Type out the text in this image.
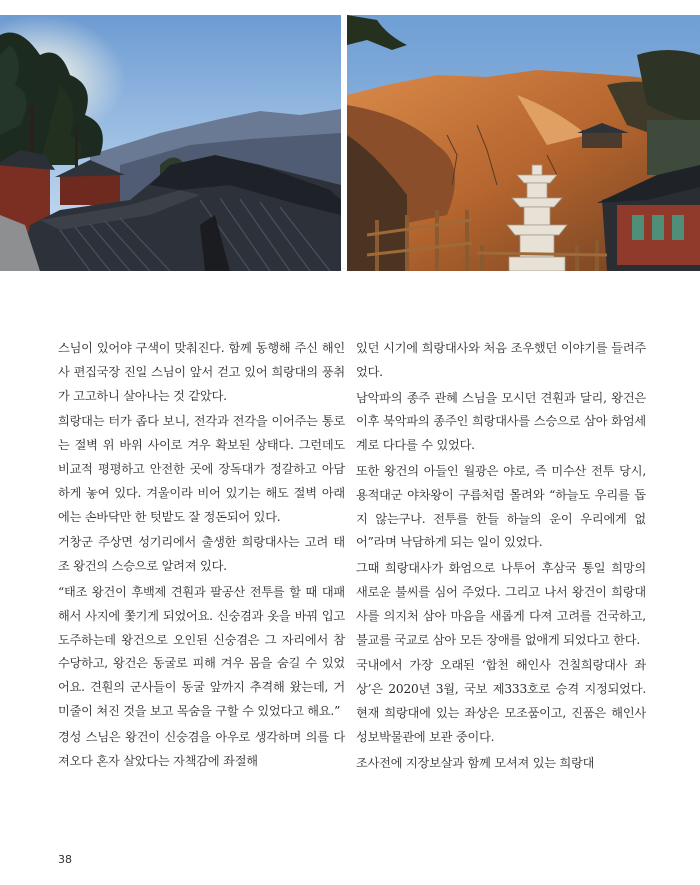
스님이 있어야 구색이 맞춰진다. 함께 동행해 주신 해인사 편집국장 진일 스님이 앞서 걷고 있어 희랑대의 풍취가 고고하니 살아나는 것 같았다.

희랑대는 터가 좁다 보니, 전각과 전각을 이어주는 통로는 절벽 위 바위 사이로 겨우 확보된 상태다. 그런데도 비교적 평평하고 안전한 곳에 장독대가 정갈하고 아담하게 놓여 있다. 겨울이라 비어 있기는 해도 절벽 아래에는 손바닥만 한 텃밭도 잘 정돈되어 있다.

거창군 주상면 성기리에서 출생한 희랑대사는 고려 태조 왕건의 스승으로 알려져 있다.

“태조 왕건이 후백제 견훤과 팔공산 전투를 할 때 대패해서 사지에 쫓기게 되었어요. 신숭겸과 옷을 바꿔 입고 도주하는데 왕건으로 오인된 신숭겸은 그 자리에서 참수당하고, 왕건은 동굴로 피해 겨우 몸을 숨길 수 있었어요. 견훤의 군사들이 동굴 앞까지 추격해 왔는데, 거미줄이 쳐진 것을 보고 목숨을 구할 수 있었다고 해요.”

경성 스님은 왕건이 신숭겸을 아우로 생각하며 의를 다져오다 혼자 살았다는 자책감에 좌절해

있던 시기에 희랑대사와 처음 조우했던 이야기를 들려주었다.

남악파의 종주 관혜 스님을 모시던 견훤과 달리, 왕건은 이후 북악파의 종주인 희랑대사를 스승으로 삼아 화엄세계로 다다를 수 있었다.

또한 왕건의 아들인 월광은 야로, 즉 미수산 전투 당시, 용적대군 야차왕이 구름처럼 몰려와 “하늘도 우리를 돕지 않는구나. 전투를 한들 하늘의 운이 우리에게 없어”라며 낙담하게 되는 일이 있었다.

그때 희랑대사가 화엄으로 나투어 후삼국 통일 희망의 새로운 불씨를 심어 주었다. 그리고 나서 왕건이 희랑대사를 의지처 삼아 마음을 새롭게 다져 고려를 건국하고, 불교를 국교로 삼아 모든 장애를 없애게 되었다고 한다.

국내에서 가장 오래된 ‘합천 해인사 건칠희랑대사 좌상’은 2020년 3월, 국보 제333호로 승격 지정되었다. 현재 희랑대에 있는 좌상은 모조품이고, 진품은 해인사 성보박물관에 보관 중이다.

조사전에 지장보살과 함께 모셔져 있는 희랑대

38
